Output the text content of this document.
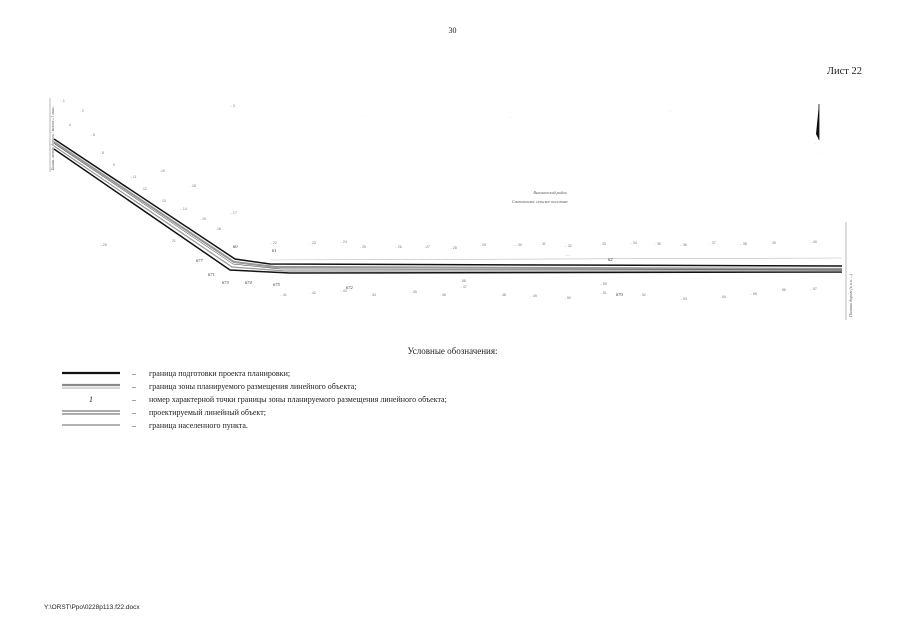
30
Лист 22
Бывш. лесная дорога / колхоз «1 мая»
Полевая дорога (к н.п. ...)
Выгоничский район
Сачковичское сельское поселение
.. 1
. 2
.4
.. 6
. 8
.9
.. 11
.12
. 13
.. 14
. 15
.16
.. 17
. 18
.19
.. 20
. 21
.. 3
.	.
.
.
.
.. 22	. 23	.. 24
. 25	.. 26	.27	.. 28
. 29	.. 30	. 31	.. 32	. 33	.. 34	. 35	.. 36	. 37	.. 38	. 39	.. 40
.....
.. 41	. 42	.. 43
. 44
.. 45
. 46
.. 47
. 48	.. 49	. 50
.. 51	. 52
.. 53	. 54
.. 55
. 56	.. 57
. 58
.. 59
60
61
62
670
671
672
673	674	675
677
Условные обозначения:
– граница подготовки проекта планировки;
– граница зоны планируемого размещения линейного объекта;
1	– номер характерной точки границы зоны планируемого размещения линейного объекта;
– проектируемый линейный объект;
– граница населенного пункта.
Y:\ORST\Ppo\0228p113.f22.docx
